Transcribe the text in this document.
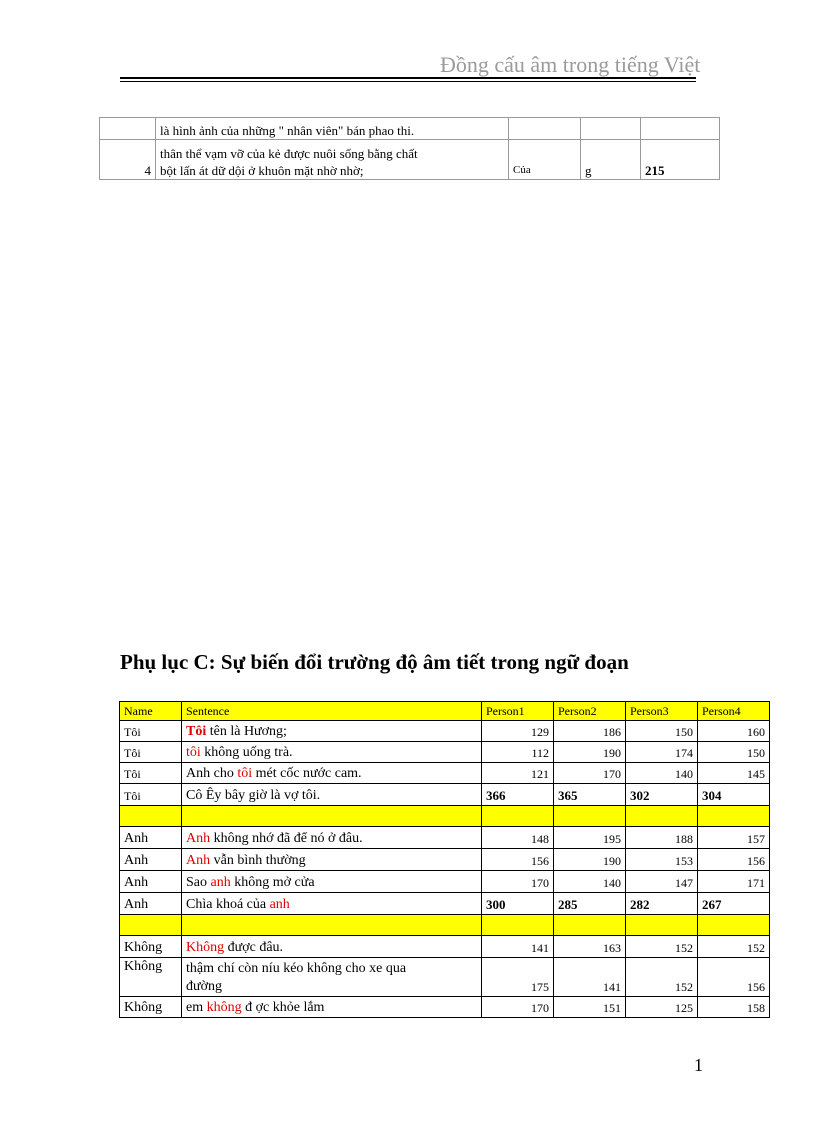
Đồng cấu âm trong tiếng Việt
	là hình ảnh của những " nhân viên" bán phao thi.			
4	thân thể vạm vỡ của kẻ được nuôi sống bằng chất
bột lấn át dữ dội ở khuôn mặt nhờ nhờ;	Của	g	215
Phụ lục C: Sự biến đổi trường độ âm tiết trong ngữ đoạn
Name	Sentence	Person1	Person2	Person3	Person4
Tôi	Tôi tên là Hương;	129	186	150	160
Tôi	tôi không uống trà.	112	190	174	150
Tôi	Anh cho tôi mét cốc nước cam.	121	170	140	145
Tôi	Cô Êy bây giờ là vợ tôi.	366	365	302	304

Anh	Anh không nhớ đã để nó ở đâu.	148	195	188	157
Anh	Anh vẫn bình thường	156	190	153	156
Anh	Sao anh không mở cửa	170	140	147	171
Anh	Chìa khoá của anh	300	285	282	267

Không	Không được đâu.	141	163	152	152
Không	thậm chí còn níu kéo không cho xe qua
đường	175	141	152	156
Không	em không đ ợc khỏe lắm	170	151	125	158
1
